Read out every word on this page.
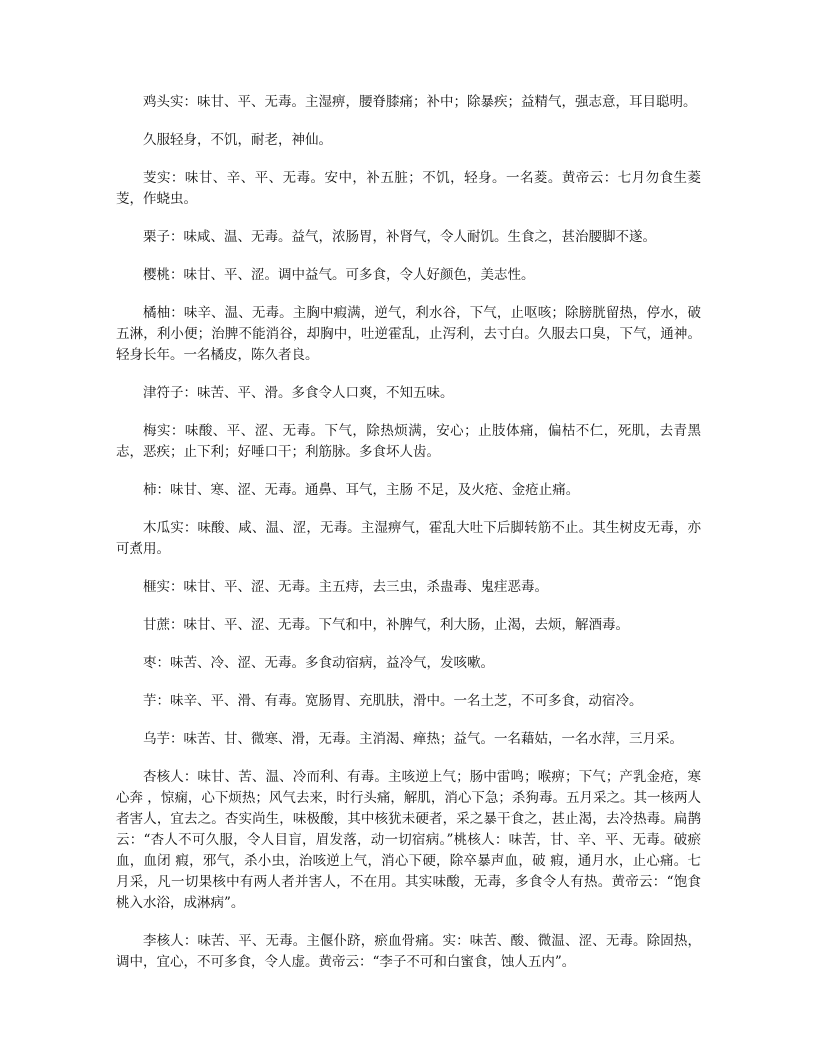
鸡头实：味甘、平、无毒。主湿痹，腰脊膝痛；补中；除暴疾；益精气，强志意，耳目聪明。

久服轻身，不饥，耐老，神仙。

芰实：味甘、辛、平、无毒。安中，补五脏；不饥，轻身。一名菱。黄帝云：七月勿食生菱芰，作蛲虫。

栗子：味咸、温、无毒。益气，浓肠胃，补肾气，令人耐饥。生食之，甚治腰脚不遂。

樱桃：味甘、平、涩。调中益气。可多食，令人好颜色，美志性。

橘柚：味辛、温、无毒。主胸中瘕满，逆气，利水谷，下气，止呕咳；除膀胱留热，停水，破五淋，利小便；治脾不能消谷，却胸中，吐逆霍乱，止泻利，去寸白。久服去口臭，下气，通神。轻身长年。一名橘皮，陈久者良。

津符子：味苦、平、滑。多食令人口爽，不知五味。

梅实：味酸、平、涩、无毒。下气，除热烦满，安心；止肢体痛，偏枯不仁，死肌，去青黑志，恶疾；止下利；好唾口干；利筋脉。多食坏人齿。

柿：味甘、寒、涩、无毒。通鼻、耳气，主肠 不足，及火疮、金疮止痛。

木瓜实：味酸、咸、温、涩，无毒。主湿痹气，霍乱大吐下后脚转筋不止。其生树皮无毒，亦可煮用。

榧实：味甘、平、涩、无毒。主五痔，去三虫，杀蛊毒、鬼疰恶毒。

甘蔗：味甘、平、涩、无毒。下气和中，补脾气，利大肠，止渴，去烦，解酒毒。

枣：味苦、冷、涩、无毒。多食动宿病，益冷气，发咳嗽。

芋：味辛、平、滑、有毒。宽肠胃、充肌肤，滑中。一名土芝，不可多食，动宿冷。

乌芋：味苦、甘、微寒、滑，无毒。主消渴、瘅热；益气。一名藉姑，一名水萍，三月采。

杏核人：味甘、苦、温、冷而利、有毒。主咳逆上气；肠中雷鸣；喉痹；下气；产乳金疮，寒心奔 ，惊痫，心下烦热；风气去来，时行头痛，解肌，消心下急；杀狗毒。五月采之。其一核两人者害人，宜去之。杏实尚生，味极酸，其中核犹未硬者，采之暴干食之，甚止渴，去冷热毒。扁鹊云：“杏人不可久服，令人目盲，眉发落，动一切宿病。”桃核人：味苦，甘、辛、平、无毒。破瘀血，血闭 瘕，邪气，杀小虫，治咳逆上气，消心下硬，除卒暴声血，破 瘕，通月水，止心痛。七月采，凡一切果核中有两人者并害人，不在用。其实味酸，无毒，多食令人有热。黄帝云：“饱食桃入水浴，成淋病”。

李核人：味苦、平、无毒。主偃仆跻，瘀血骨痛。实：味苦、酸、微温、涩、无毒。除固热，调中，宜心，不可多食，令人虚。黄帝云：“李子不可和白蜜食，蚀人五内”。
